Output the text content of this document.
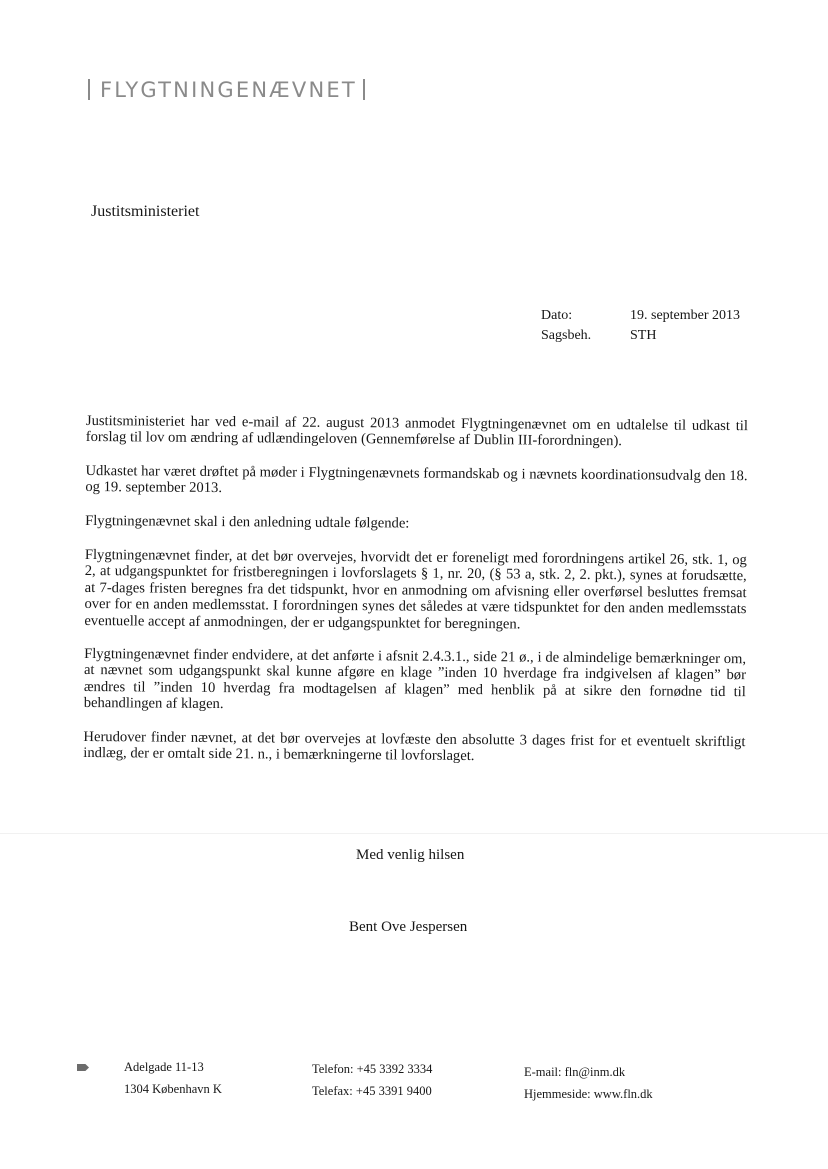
FLYGTNINGENÆVNET
Justitsministeriet
Dato:	19. september 2013
Sagsbeh.	STH

Justitsministeriet har ved e-mail af 22. august 2013 anmodet Flygtningenævnet om en udtalelse til udkast til forslag til lov om ændring af udlændingeloven (Gennemførelse af Dublin III-forordningen).

Udkastet har været drøftet på møder i Flygtningenævnets formandskab og i nævnets koordinationsudvalg den 18. og 19. september 2013.

Flygtningenævnet skal i den anledning udtale følgende:

Flygtningenævnet finder, at det bør overvejes, hvorvidt det er foreneligt med forordningens artikel 26, stk. 1, og 2, at udgangspunktet for fristberegningen i lovforslagets § 1, nr. 20, (§ 53 a, stk. 2, 2. pkt.), synes at forudsætte, at 7-dages fristen beregnes fra det tidspunkt, hvor en anmodning om afvisning eller overførsel besluttes fremsat over for en anden medlemsstat. I forordningen synes det således at være tidspunktet for den anden medlemsstats eventuelle accept af anmodningen, der er udgangspunktet for beregningen.

Flygtningenævnet finder endvidere, at det anførte i afsnit 2.4.3.1., side 21 ø., i de almindelige bemærkninger om, at nævnet som udgangspunkt skal kunne afgøre en klage ”inden 10 hverdage fra indgivelsen af klagen” bør ændres til ”inden 10 hverdag fra modtagelsen af klagen” med henblik på at sikre den fornødne tid til behandlingen af klagen.

Herudover finder nævnet, at det bør overvejes at lovfæste den absolutte 3 dages frist for et eventuelt skriftligt indlæg, der er omtalt side 21. n., i bemærkningerne til lovforslaget.

Med venlig hilsen
Bent Ove Jespersen
Adelgade 11-13
1304 København K
Telefon: +45 3392 3334
Telefax: +45 3391 9400
E-mail: fln@inm.dk
Hjemmeside: www.fln.dk
